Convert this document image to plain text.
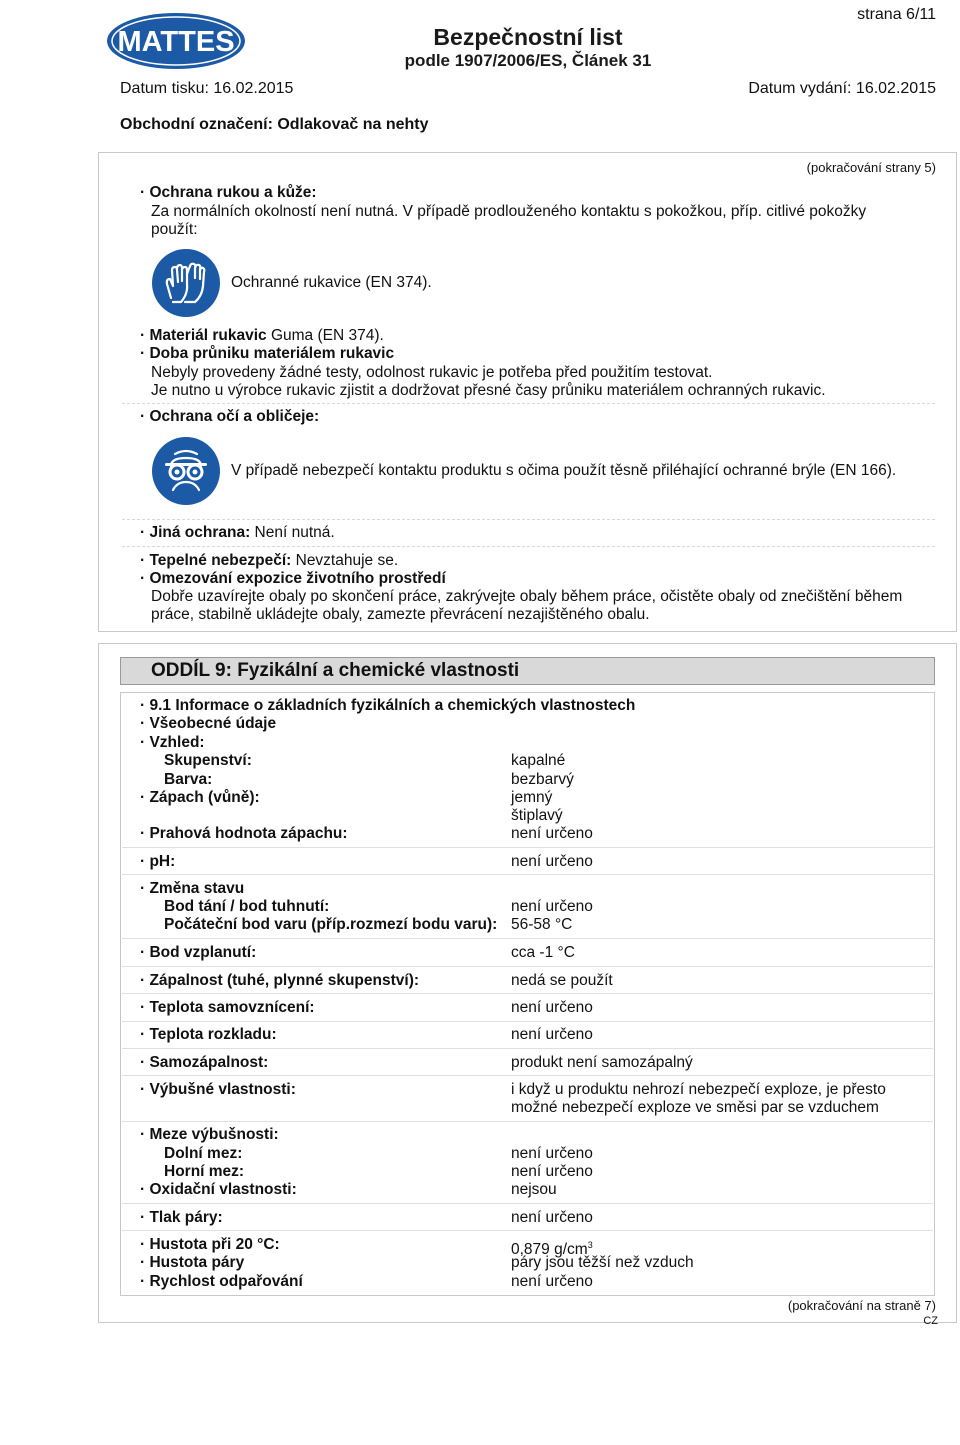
MATTES
strana 6/11
Bezpečnostní list
podle 1907/2006/ES, Článek 31
Datum tisku: 16.02.2015	Datum vydání: 16.02.2015
Obchodní označení: Odlakovač na nehty
(pokračování strany 5)
· Ochrana rukou a kůže:
Za normálních okolností není nutná. V případě prodlouženého kontaktu s pokožkou, příp. citlivé pokožky
použít:
Ochranné rukavice (EN 374).
· Materiál rukavic Guma (EN 374).
· Doba průniku materiálem rukavic
Nebyly provedeny žádné testy, odolnost rukavic je potřeba před použitím testovat.
Je nutno u výrobce rukavic zjistit a dodržovat přesné časy průniku materiálem ochranných rukavic.
· Ochrana očí a obličeje:
V případě nebezpečí kontaktu produktu s očima použít těsně přiléhající ochranné brýle (EN 166).
· Jiná ochrana: Není nutná.
· Tepelné nebezpečí: Nevztahuje se.
· Omezování expozice životního prostředí
Dobře uzavírejte obaly po skončení práce, zakrývejte obaly během práce, očistěte obaly od znečištění během
práce, stabilně ukládejte obaly, zamezte převrácení nezajištěného obalu.
ODDÍL 9: Fyzikální a chemické vlastnosti
· 9.1 Informace o základních fyzikálních a chemických vlastnostech
· Všeobecné údaje
· Vzhled:
Skupenství:	kapalné
Barva:	bezbarvý
· Zápach (vůně):	jemný
štiplavý
· Prahová hodnota zápachu:	není určeno
· pH:	není určeno
· Změna stavu
Bod tání / bod tuhnutí:	není určeno
Počáteční bod varu (příp.rozmezí bodu varu): 56-58 °C
· Bod vzplanutí:	cca -1 °C
· Zápalnost (tuhé, plynné skupenství):	nedá se použít
· Teplota samovznícení:	není určeno
· Teplota rozkladu:	není určeno
· Samozápalnost:	produkt není samozápalný
· Výbušné vlastnosti:	i když u produktu nehrozí nebezpečí exploze, je přesto
možné nebezpečí exploze ve směsi par se vzduchem
· Meze výbušnosti:
Dolní mez:	není určeno
Horní mez:	není určeno
· Oxidační vlastnosti:	nejsou
· Tlak páry:	není určeno
· Hustota při 20 °C:	0,879 $g/cm^3$
· Hustota páry	páry jsou těžší než vzduch
· Rychlost odpařování	není určeno
(pokračování na straně 7)
CZ
